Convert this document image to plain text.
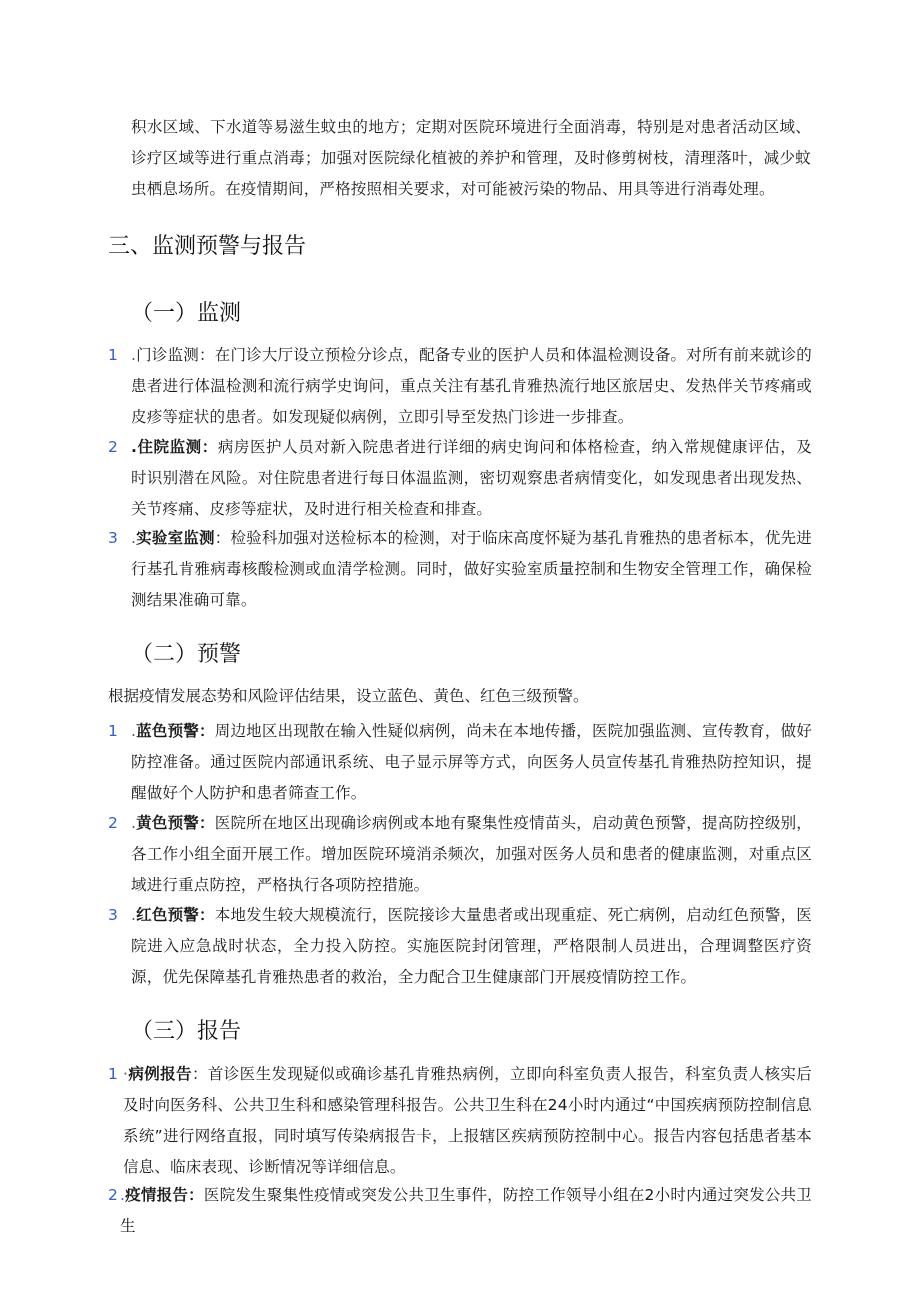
积水区域、下水道等易滋生蚊虫的地方；定期对医院环境进行全面消毒，特别是对患者活动区域、诊疗区域等进行重点消毒；加强对医院绿化植被的养护和管理，及时修剪树枝，清理落叶，减少蚊虫栖息场所。在疫情期间，严格按照相关要求，对可能被污染的物品、用具等进行消毒处理。

三、监测预警与报告
（一）监测
1 .门诊监测：在门诊大厅设立预检分诊点，配备专业的医护人员和体温检测设备。对所有前来就诊的患者进行体温检测和流行病学史询问，重点关注有基孔肯雅热流行地区旅居史、发热伴关节疼痛或皮疹等症状的患者。如发现疑似病例，立即引导至发热门诊进一步排查。
2 .住院监测：病房医护人员对新入院患者进行详细的病史询问和体格检查，纳入常规健康评估，及时识别潜在风险。对住院患者进行每日体温监测，密切观察患者病情变化，如发现患者出现发热、关节疼痛、皮疹等症状，及时进行相关检查和排查。
3 .实验室监测：检验科加强对送检标本的检测，对于临床高度怀疑为基孔肯雅热的患者标本，优先进行基孔肯雅病毒核酸检测或血清学检测。同时，做好实验室质量控制和生物安全管理工作，确保检测结果准确可靠。
（二）预警

根据疫情发展态势和风险评估结果，设立蓝色、黄色、红色三级预警。

1 .蓝色预警：周边地区出现散在输入性疑似病例，尚未在本地传播，医院加强监测、宣传教育，做好防控准备。通过医院内部通讯系统、电子显示屏等方式，向医务人员宣传基孔肯雅热防控知识，提醒做好个人防护和患者筛查工作。
2 .黄色预警：医院所在地区出现确诊病例或本地有聚集性疫情苗头，启动黄色预警，提高防控级别，各工作小组全面开展工作。增加医院环境消杀频次，加强对医务人员和患者的健康监测，对重点区域进行重点防控，严格执行各项防控措施。
3 .红色预警：本地发生较大规模流行，医院接诊大量患者或出现重症、死亡病例，启动红色预警，医院进入应急战时状态，全力投入防控。实施医院封闭管理，严格限制人员进出，合理调整医疗资源，优先保障基孔肯雅热患者的救治，全力配合卫生健康部门开展疫情防控工作。
（三）报告
1 ·病例报告：首诊医生发现疑似或确诊基孔肯雅热病例，立即向科室负责人报告，科室负责人核实后及时向医务科、公共卫生科和感染管理科报告。公共卫生科在24小时内通过“中国疾病预防控制信息系统”进行网络直报，同时填写传染病报告卡，上报辖区疾病预防控制中心。报告内容包括患者基本信息、临床表现、诊断情况等详细信息。
2 .疫情报告：医院发生聚集性疫情或突发公共卫生事件，防控工作领导小组在2小时内通过突发公共卫生
